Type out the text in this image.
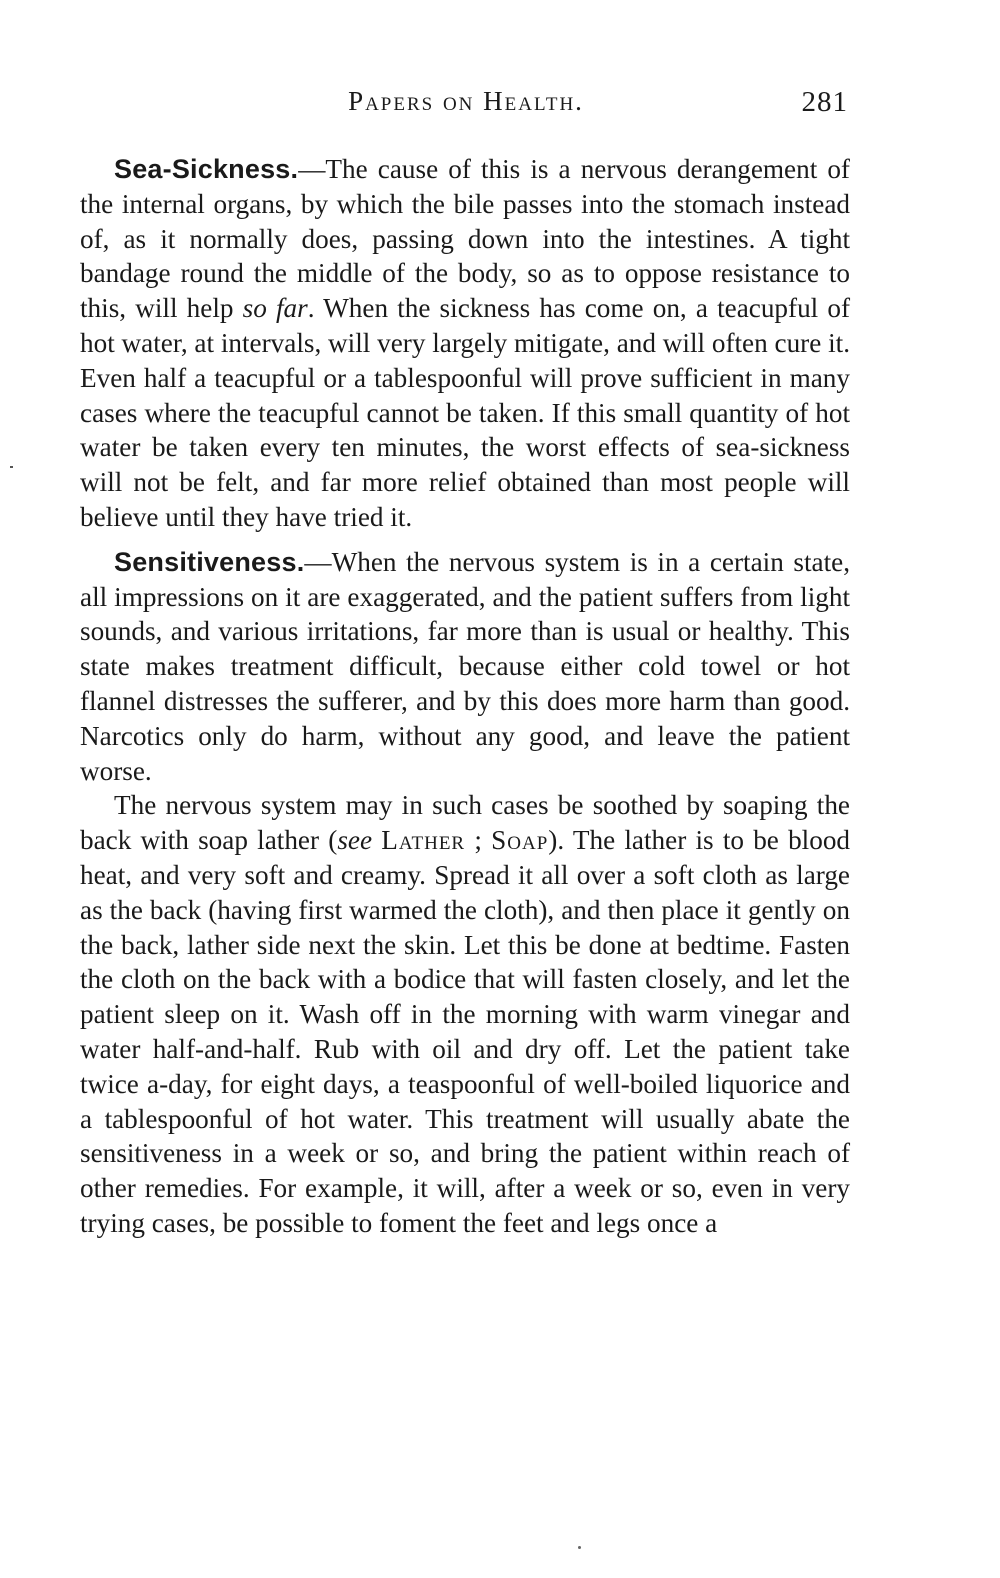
Papers on Health.	281

Sea-Sickness.—The cause of this is a nervous derangement of the internal organs, by which the bile passes into the stomach instead of, as it normally does, passing down into the intestines. A tight bandage round the middle of the body, so as to oppose resistance to this, will help so far. When the sickness has come on, a teacupful of hot water, at intervals, will very largely mitigate, and will often cure it. Even half a teacupful or a tablespoonful will prove sufficient in many cases where the teacupful cannot be taken. If this small quantity of hot water be taken every ten minutes, the worst effects of sea-sickness will not be felt, and far more relief obtained than most people will believe until they have tried it.

Sensitiveness.—When the nervous system is in a certain state, all impressions on it are exaggerated, and the patient suffers from light sounds, and various irritations, far more than is usual or healthy. This state makes treatment difficult, because either cold towel or hot flannel distresses the sufferer, and by this does more harm than good. Narcotics only do harm, without any good, and leave the patient worse.

The nervous system may in such cases be soothed by soaping the back with soap lather (see Lather ; Soap). The lather is to be blood heat, and very soft and creamy. Spread it all over a soft cloth as large as the back (having first warmed the cloth), and then place it gently on the back, lather side next the skin. Let this be done at bedtime. Fasten the cloth on the back with a bodice that will fasten closely, and let the patient sleep on it. Wash off in the morning with warm vinegar and water half-and-half. Rub with oil and dry off. Let the patient take twice a-day, for eight days, a teaspoonful of well-boiled liquorice and a tablespoonful of hot water. This treatment will usually abate the sensitiveness in a week or so, and bring the patient within reach of other remedies. For example, it will, after a week or so, even in very trying cases, be possible to foment the feet and legs once a
